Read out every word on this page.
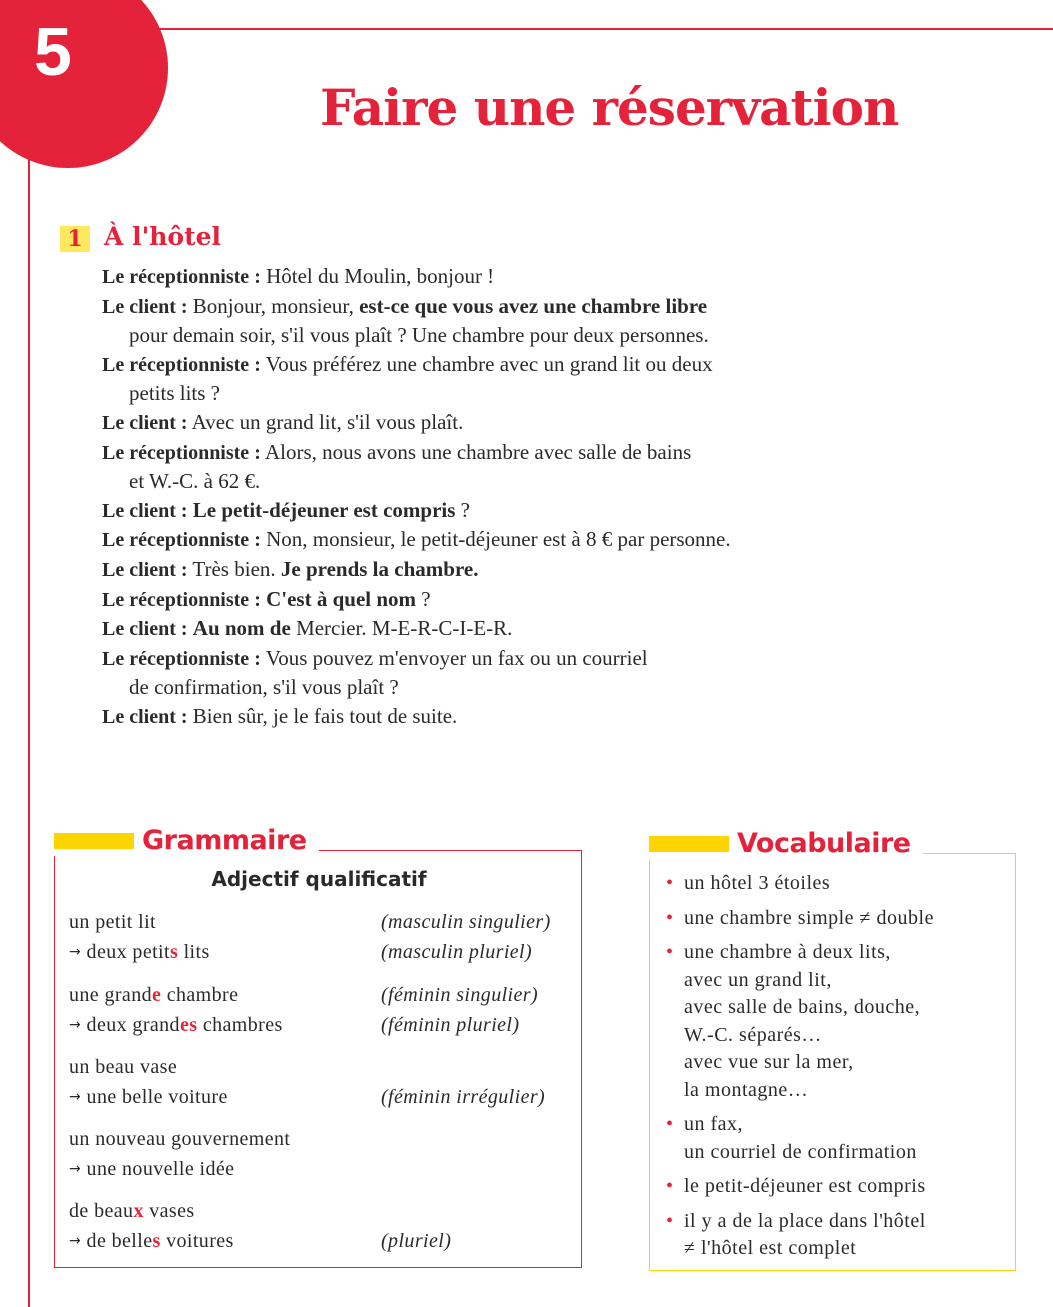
5
Faire une réservation
1 À l'hôtel
Le réceptionniste : Hôtel du Moulin, bonjour !
Le client : Bonjour, monsieur, est-ce que vous avez une chambre libre
pour demain soir, s'il vous plaît ? Une chambre pour deux personnes.
Le réceptionniste : Vous préférez une chambre avec un grand lit ou deux
petits lits ?
Le client : Avec un grand lit, s'il vous plaît.
Le réceptionniste : Alors, nous avons une chambre avec salle de bains
et W.-C. à 62 €.
Le client : Le petit-déjeuner est compris ?
Le réceptionniste : Non, monsieur, le petit-déjeuner est à 8 € par personne.
Le client : Très bien. Je prends la chambre.
Le réceptionniste : C'est à quel nom ?
Le client : Au nom de Mercier. M-E-R-C-I-E-R.
Le réceptionniste : Vous pouvez m'envoyer un fax ou un courriel
de confirmation, s'il vous plaît ?
Le client : Bien sûr, je le fais tout de suite.
Grammaire
Adjectif qualificatif
un petit lit	(masculin singulier)
→ deux petits lits	(masculin pluriel)
une grande chambre	(féminin singulier)
→ deux grandes chambres	(féminin pluriel)
un beau vase
→ une belle voiture	(féminin irrégulier)
un nouveau gouvernement
→ une nouvelle idée
de beaux vases
→ de belles voitures	(pluriel)
Vocabulaire
• un hôtel 3 étoiles
• une chambre simple ≠ double
• une chambre à deux lits,
avec un grand lit,
avec salle de bains, douche,
W.-C. séparés…
avec vue sur la mer,
la montagne…
• un fax,
un courriel de confirmation
• le petit-déjeuner est compris
• il y a de la place dans l'hôtel
≠ l'hôtel est complet
